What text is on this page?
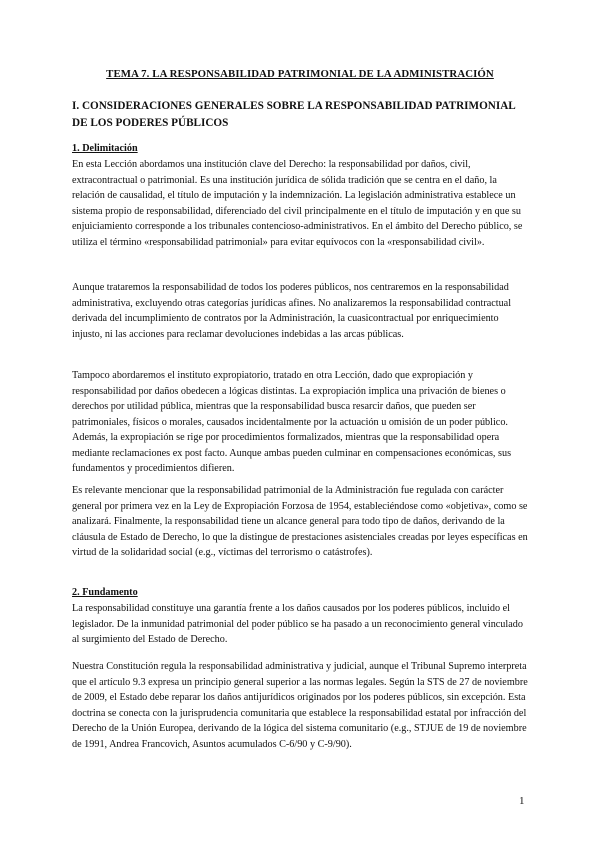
TEMA 7. LA RESPONSABILIDAD PATRIMONIAL DE LA ADMINISTRACIÓN
I. CONSIDERACIONES GENERALES SOBRE LA RESPONSABILIDAD PATRIMONIAL DE LOS PODERES PÚBLICOS
1. Delimitación

En esta Lección abordamos una institución clave del Derecho: la responsabilidad por daños, civil, extracontractual o patrimonial. Es una institución jurídica de sólida tradición que se centra en el daño, la relación de causalidad, el título de imputación y la indemnización. La legislación administrativa establece un sistema propio de responsabilidad, diferenciado del civil principalmente en el título de imputación y en que su enjuiciamiento corresponde a los tribunales contencioso-administrativos. En el ámbito del Derecho público, se utiliza el término «responsabilidad patrimonial» para evitar equívocos con la «responsabilidad civil».

Aunque trataremos la responsabilidad de todos los poderes públicos, nos centraremos en la responsabilidad administrativa, excluyendo otras categorías jurídicas afines. No analizaremos la responsabilidad contractual derivada del incumplimiento de contratos por la Administración, la cuasicontractual por enriquecimiento injusto, ni las acciones para reclamar devoluciones indebidas a las arcas públicas.

Tampoco abordaremos el instituto expropiatorio, tratado en otra Lección, dado que expropiación y responsabilidad por daños obedecen a lógicas distintas. La expropiación implica una privación de bienes o derechos por utilidad pública, mientras que la responsabilidad busca resarcir daños, que pueden ser patrimoniales, físicos o morales, causados incidentalmente por la actuación u omisión de un poder público. Además, la expropiación se rige por procedimientos formalizados, mientras que la responsabilidad opera mediante reclamaciones ex post facto. Aunque ambas pueden culminar en compensaciones económicas, sus fundamentos y procedimientos difieren.

Es relevante mencionar que la responsabilidad patrimonial de la Administración fue regulada con carácter general por primera vez en la Ley de Expropiación Forzosa de 1954, estableciéndose como «objetiva», como se analizará. Finalmente, la responsabilidad tiene un alcance general para todo tipo de daños, derivando de la cláusula de Estado de Derecho, lo que la distingue de prestaciones asistenciales creadas por leyes específicas en virtud de la solidaridad social (e.g., víctimas del terrorismo o catástrofes).

2. Fundamento

La responsabilidad constituye una garantía frente a los daños causados por los poderes públicos, incluido el legislador. De la inmunidad patrimonial del poder público se ha pasado a un reconocimiento general vinculado al surgimiento del Estado de Derecho.

Nuestra Constitución regula la responsabilidad administrativa y judicial, aunque el Tribunal Supremo interpreta que el artículo 9.3 expresa un principio general superior a las normas legales. Según la STS de 27 de noviembre de 2009, el Estado debe reparar los daños antijurídicos originados por los poderes públicos, sin excepción. Esta doctrina se conecta con la jurisprudencia comunitaria que establece la responsabilidad estatal por infracción del Derecho de la Unión Europea, derivando de la lógica del sistema comunitario (e.g., STJUE de 19 de noviembre de 1991, Andrea Francovich, Asuntos acumulados C-6/90 y C-9/90).

1
